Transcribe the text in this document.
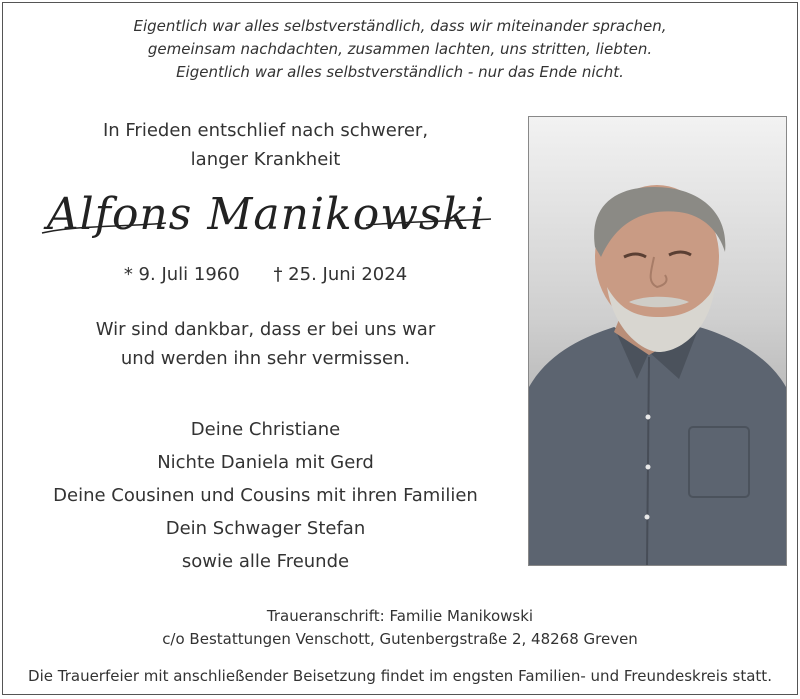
Eigentlich war alles selbstverständlich, dass wir miteinander sprachen,
gemeinsam nachdachten, zusammen lachten, uns stritten, liebten.
Eigentlich war alles selbstverständlich - nur das Ende nicht.
In Frieden entschlief nach schwerer,
langer Krankheit
Alfons Manikowski
* 9. Juli 1960 † 25. Juni 2024
Wir sind dankbar, dass er bei uns war
und werden ihn sehr vermissen.
Deine Christiane
Nichte Daniela mit Gerd
Deine Cousinen und Cousins mit ihren Familien
Dein Schwager Stefan
sowie alle Freunde
Traueranschrift: Familie Manikowski
c/o Bestattungen Venschott, Gutenbergstraße 2, 48268 Greven
Die Trauerfeier mit anschließender Beisetzung findet im engsten Familien- und Freundeskreis statt.
